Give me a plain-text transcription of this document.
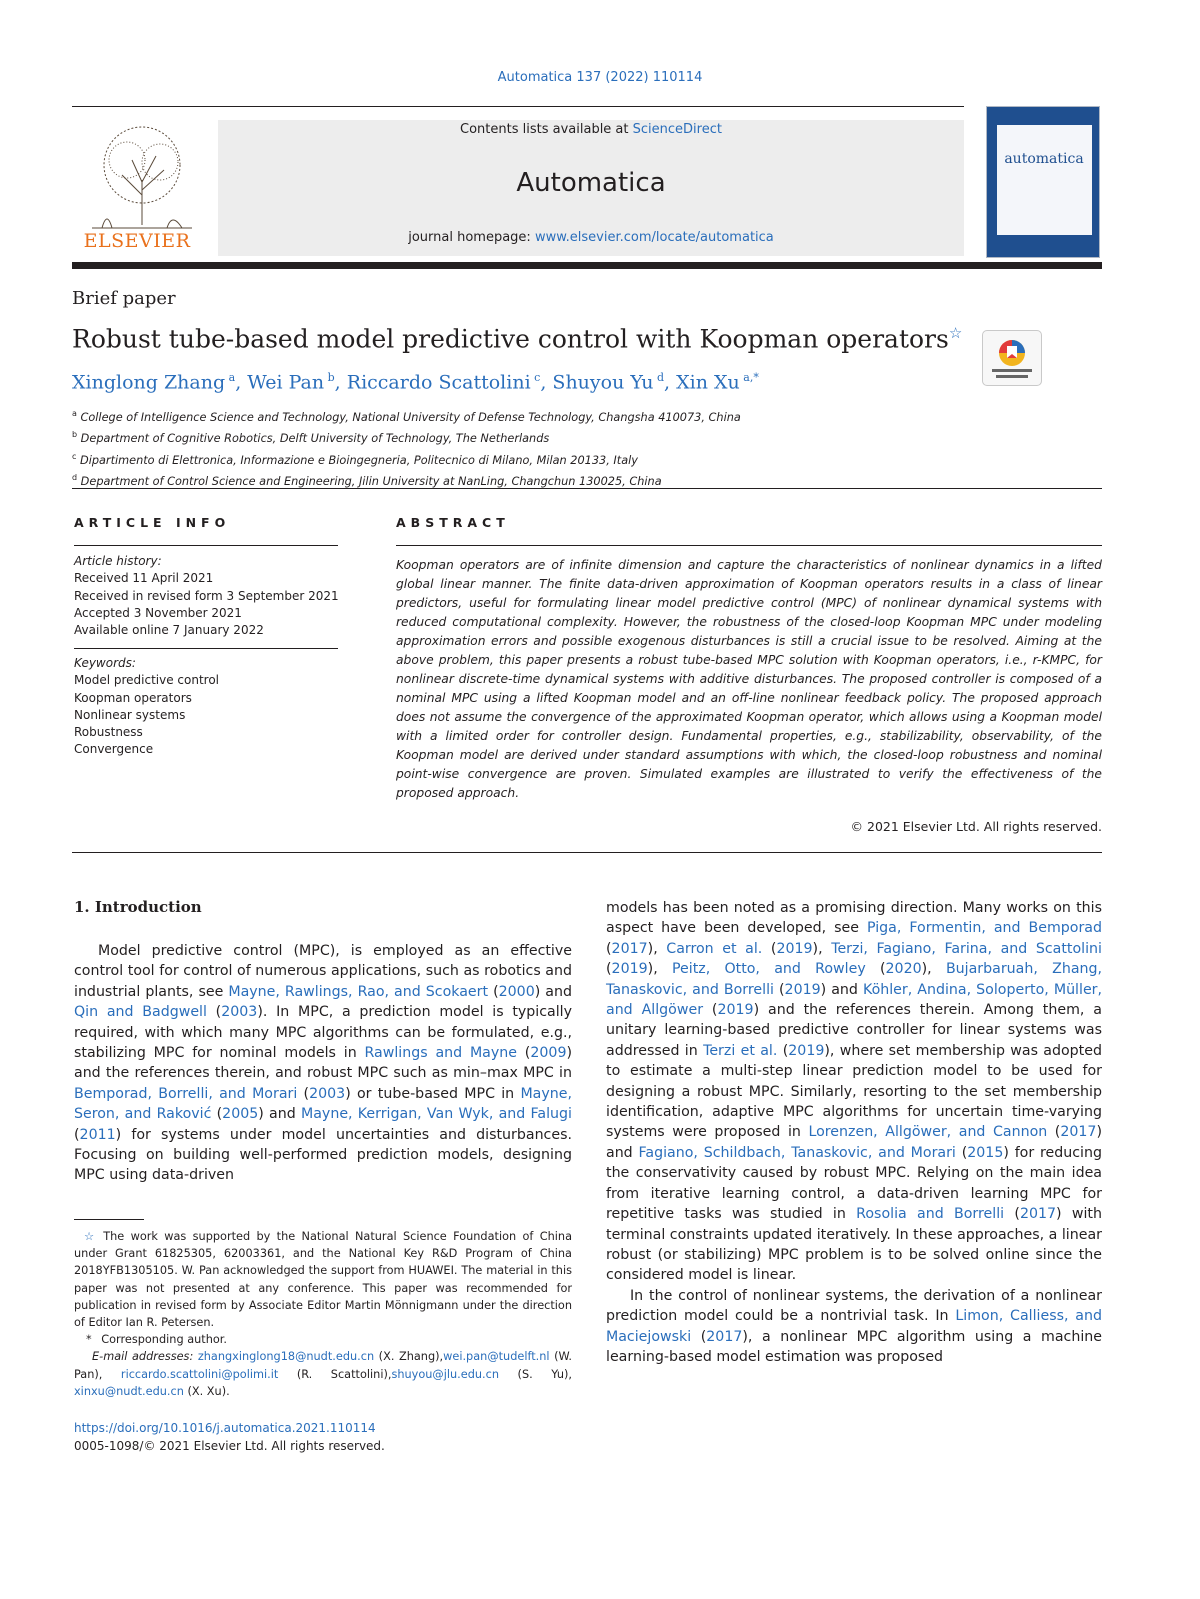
Automatica 137 (2022) 110114
ELSEVIER
Contents lists available at ScienceDirect
Automatica
journal homepage: www.elsevier.com/locate/automatica
automatica
Brief paper
Robust tube-based model predictive control with Koopman operators☆
Xinglong Zhang $^a$, Wei Pan $^b$, Riccardo Scattolini $^c$, Shuyou Yu $^d$, Xin Xu $^{a,*}$
$^a$ College of Intelligence Science and Technology, National University of Defense Technology, Changsha 410073, China
$^b$ Department of Cognitive Robotics, Delft University of Technology, The Netherlands
$^c$ Dipartimento di Elettronica, Informazione e Bioingegneria, Politecnico di Milano, Milan 20133, Italy
$^d$ Department of Control Science and Engineering, Jilin University at NanLing, Changchun 130025, China
ARTICLE INFO
Article history:
Received 11 April 2021
Received in revised form 3 September 2021
Accepted 3 November 2021
Available online 7 January 2022
Keywords:
Model predictive control
Koopman operators
Nonlinear systems
Robustness
Convergence
ABSTRACT
Koopman operators are of infinite dimension and capture the characteristics of nonlinear dynamics in a lifted global linear manner. The finite data-driven approximation of Koopman operators results in a class of linear predictors, useful for formulating linear model predictive control (MPC) of nonlinear dynamical systems with reduced computational complexity. However, the robustness of the closed-loop Koopman MPC under modeling approximation errors and possible exogenous disturbances is still a crucial issue to be resolved. Aiming at the above problem, this paper presents a robust tube-based MPC solution with Koopman operators, i.e., r-KMPC, for nonlinear discrete-time dynamical systems with additive disturbances. The proposed controller is composed of a nominal MPC using a lifted Koopman model and an off-line nonlinear feedback policy. The proposed approach does not assume the convergence of the approximated Koopman operator, which allows using a Koopman model with a limited order for controller design. Fundamental properties, e.g., stabilizability, observability, of the Koopman model are derived under standard assumptions with which, the closed-loop robustness and nominal point-wise convergence are proven. Simulated examples are illustrated to verify the effectiveness of the proposed approach.
© 2021 Elsevier Ltd. All rights reserved.
1. Introduction

Model predictive control (MPC), is employed as an effective control tool for control of numerous applications, such as robotics and industrial plants, see Mayne, Rawlings, Rao, and Scokaert (2000) and Qin and Badgwell (2003). In MPC, a prediction model is typically required, with which many MPC algorithms can be formulated, e.g., stabilizing MPC for nominal models in Rawlings and Mayne (2009) and the references therein, and robust MPC such as min–max MPC in Bemporad, Borrelli, and Morari (2003) or tube-based MPC in Mayne, Seron, and Raković (2005) and Mayne, Kerrigan, Van Wyk, and Falugi (2011) for systems under model uncertainties and disturbances. Focusing on building well-performed prediction models, designing MPC using data-driven

models has been noted as a promising direction. Many works on this aspect have been developed, see Piga, Formentin, and Bemporad (2017), Carron et al. (2019), Terzi, Fagiano, Farina, and Scattolini (2019), Peitz, Otto, and Rowley (2020), Bujarbaruah, Zhang, Tanaskovic, and Borrelli (2019) and Köhler, Andina, Soloperto, Müller, and Allgöwer (2019) and the references therein. Among them, a unitary learning-based predictive controller for linear systems was addressed in Terzi et al. (2019), where set membership was adopted to estimate a multi-step linear prediction model to be used for designing a robust MPC. Similarly, resorting to the set membership identification, adaptive MPC algorithms for uncertain time-varying systems were proposed in Lorenzen, Allgöwer, and Cannon (2017) and Fagiano, Schildbach, Tanaskovic, and Morari (2015) for reducing the conservativity caused by robust MPC. Relying on the main idea from iterative learning control, a data-driven learning MPC for repetitive tasks was studied in Rosolia and Borrelli (2017) with terminal constraints updated iteratively. In these approaches, a linear robust (or stabilizing) MPC problem is to be solved online since the considered model is linear.

In the control of nonlinear systems, the derivation of a nonlinear prediction model could be a nontrivial task. In Limon, Calliess, and Maciejowski (2017), a nonlinear MPC algorithm using a machine learning-based model estimation was proposed

☆ The work was supported by the National Natural Science Foundation of China under Grant 61825305, 62003361, and the National Key R&D Program of China 2018YFB1305105. W. Pan acknowledged the support from HUAWEI. The material in this paper was not presented at any conference. This paper was recommended for publication in revised form by Associate Editor Martin Mönnigmann under the direction of Editor Ian R. Petersen.

* Corresponding author.

E-mail addresses: zhangxinglong18@nudt.edu.cn (X. Zhang),wei.pan@tudelft.nl (W. Pan), riccardo.scattolini@polimi.it (R. Scattolini),shuyou@jlu.edu.cn (S. Yu), xinxu@nudt.edu.cn (X. Xu).

https://doi.org/10.1016/j.automatica.2021.110114
0005-1098/© 2021 Elsevier Ltd. All rights reserved.
